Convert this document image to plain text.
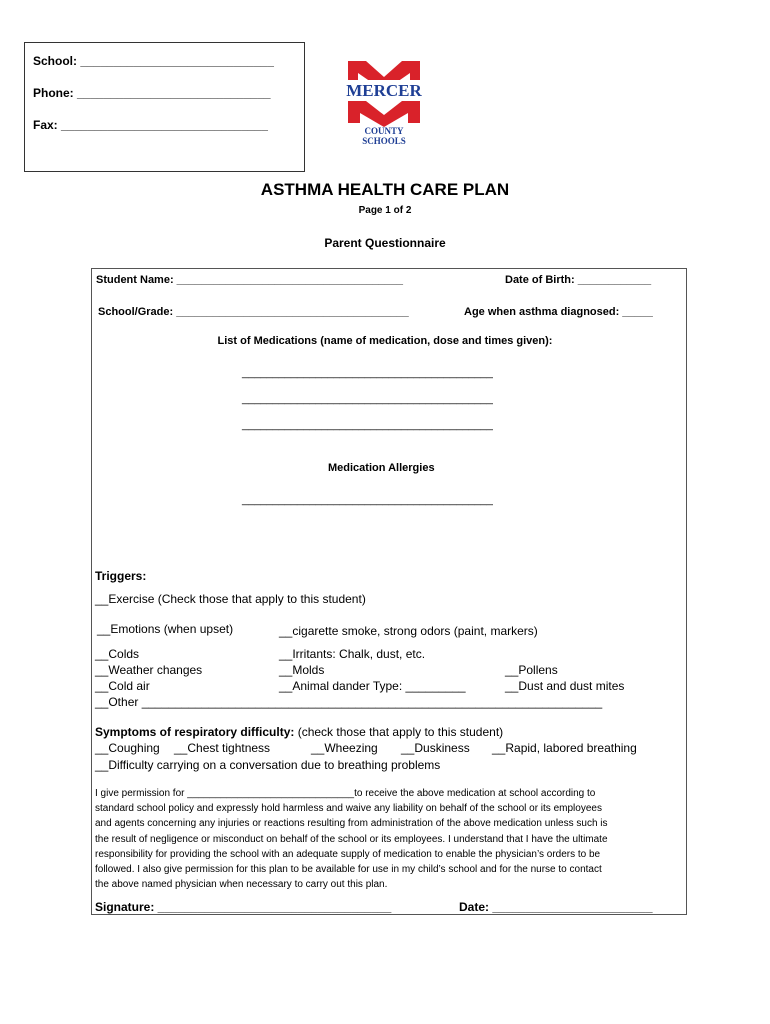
School: _____________________________
Phone: _____________________________
Fax: _______________________________
MERCER
COUNTY
SCHOOLS
ASTHMA HEALTH CARE PLAN
Page 1 of 2
Parent Questionnaire
Student Name: _____________________________________	Date of Birth: ____________
School/Grade: ______________________________________	Age when asthma diagnosed: _____
List of Medications (name of medication, dose and times given):
_________________________________________
_________________________________________
_________________________________________
Medication Allergies
_________________________________________
Triggers:
__Exercise (Check those that apply to this student)
__Emotions (when upset)	__cigarette smoke, strong odors (paint, markers)
__Colds	__Irritants: Chalk, dust, etc.
__Weather changes	__Molds	__Pollens
__Cold air	__Animal dander Type: _________	__Dust and dust mites
__Other _____________________________________________________________________
Symptoms of respiratory difficulty: (check those that apply to this student)
__Coughing __Chest tightness	__Wheezing __Duskiness __Rapid, labored breathing
__Difficulty carrying on a conversation due to breathing problems
I give permission for ______________________________to receive the above medication at school according to
standard school policy and expressly hold harmless and waive any liability on behalf of the school or its employees
and agents concerning any injuries or reactions resulting from administration of the above medication unless such is
the result of negligence or misconduct on behalf of the school or its employees. I understand that I have the ultimate
responsibility for providing the school with an adequate supply of medication to enable the physician’s orders to be
followed. I also give permission for this plan to be available for use in my child’s school and for the nurse to contact
the above named physician when necessary to carry out this plan.
Signature: ___________________________________	Date: ________________________
